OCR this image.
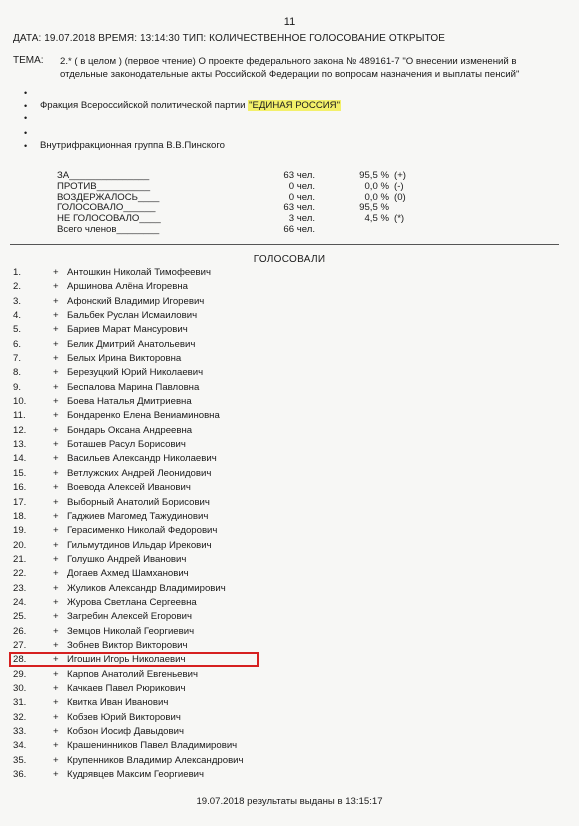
11
ДАТА: 19.07.2018 ВРЕМЯ: 13:14:30 ТИП: КОЛИЧЕСТВЕННОЕ ГОЛОСОВАНИЕ ОТКРЫТОЕ
ТЕМА: 2.* ( в целом ) (первое чтение) О проекте федерального закона № 489161-7 "О внесении изменений в отдельные законодательные акты Российской Федерации по вопросам назначения и выплаты пенсий"
•
•
•
•
•
Фракция Всероссийской политической партии "ЕДИНАЯ РОССИЯ"
Внутрифракционная группа В.В.Пинского
ЗА_______________	63 чел.	95,5 % (+)
ПРОТИВ__________	0 чел.	0,0 % (-)
ВОЗДЕРЖАЛОСЬ____	0 чел.	0,0 % (0)
ГОЛОСОВАЛО______	63 чел.	95,5 %
НЕ ГОЛОСОВАЛО____	3 чел.	4,5 % (*)
Всего членов________	66 чел.
ГОЛОСОВАЛИ
1.	+ Антошкин Николай Тимофеевич
2.	+ Аршинова Алёна Игоревна
3.	+ Афонский Владимир Игоревич
4.	+ Бальбек Руслан Исмаилович
5.	+ Бариев Марат Мансурович
6.	+ Белик Дмитрий Анатольевич
7.	+ Белых Ирина Викторовна
8.	+ Березуцкий Юрий Николаевич
9.	+ Беспалова Марина Павловна
10.	+ Боева Наталья Дмитриевна
11.	+ Бондаренко Елена Вениаминовна
12.	+ Бондарь Оксана Андреевна
13.	+ Боташев Расул Борисович
14.	+ Васильев Александр Николаевич
15.	+ Ветлужских Андрей Леонидович
16.	+ Воевода Алексей Иванович
17.	+ Выборный Анатолий Борисович
18.	+ Гаджиев Магомед Тажудинович
19.	+ Герасименко Николай Федорович
20.	+ Гильмутдинов Ильдар Ирекович
21.	+ Голушко Андрей Иванович
22.	+ Догаев Ахмед Шамханович
23.	+ Жуликов Александр Владимирович
24.	+ Журова Светлана Сергеевна
25.	+ Загребин Алексей Егорович
26.	+ Земцов Николай Георгиевич
27.	+ Зобнев Виктор Викторович
28.	+ Игошин Игорь Николаевич
29.	+ Карпов Анатолий Евгеньевич
30.	+ Качкаев Павел Рюрикович
31.	+ Квитка Иван Иванович
32.	+ Кобзев Юрий Викторович
33.	+ Кобзон Иосиф Давыдович
34.	+ Крашенинников Павел Владимирович
35.	+ Крупенников Владимир Александрович
36.	+ Кудрявцев Максим Георгиевич
19.07.2018 результаты выданы в 13:15:17
